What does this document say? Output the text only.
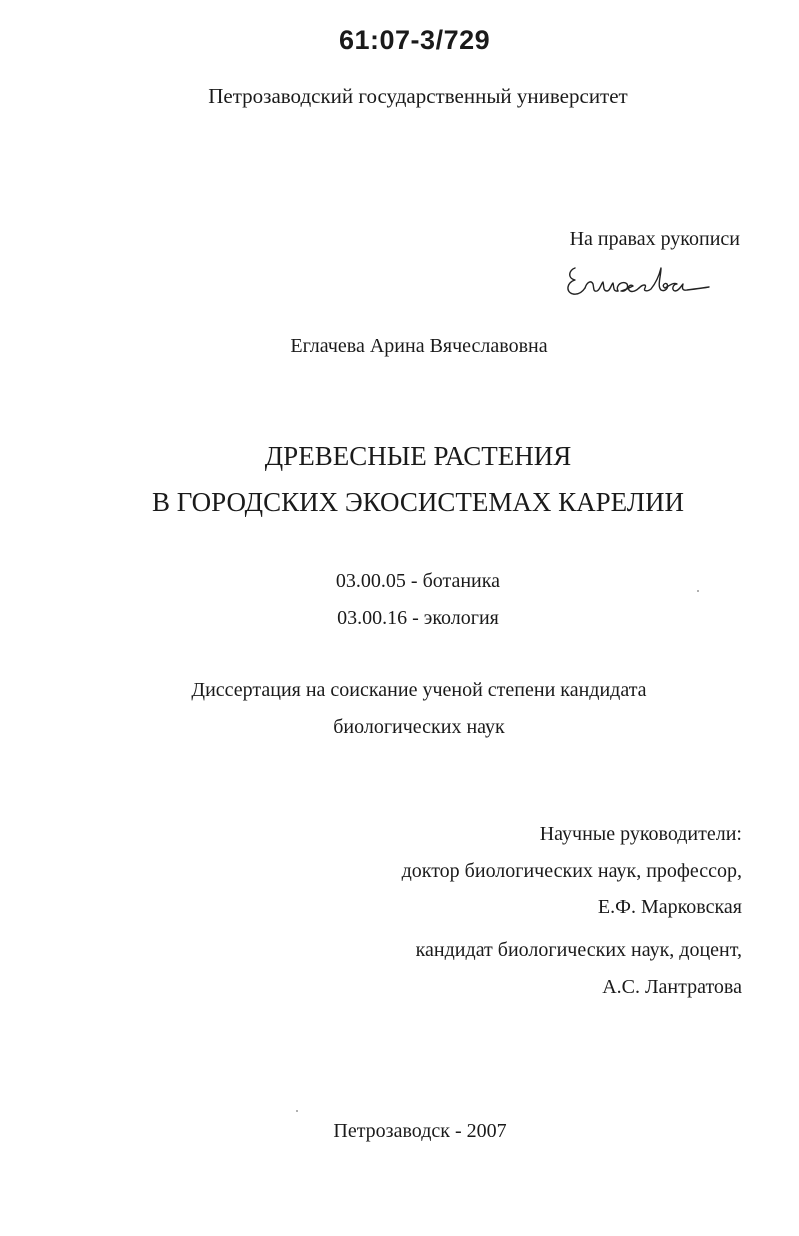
61:07-3/729
Петрозаводский государственный университет
На правах рукописи
Еглачева Арина Вячеславовна
ДРЕВЕСНЫЕ РАСТЕНИЯ
В ГОРОДСКИХ ЭКОСИСТЕМАХ КАРЕЛИИ
03.00.05 - ботаника
03.00.16 - экология
Диссертация на соискание ученой степени кандидата
биологических наук
Научные руководители:
доктор биологических наук, профессор,
Е.Ф. Марковская
кандидат биологических наук, доцент,
А.С. Лантратова
Петрозаводск - 2007
